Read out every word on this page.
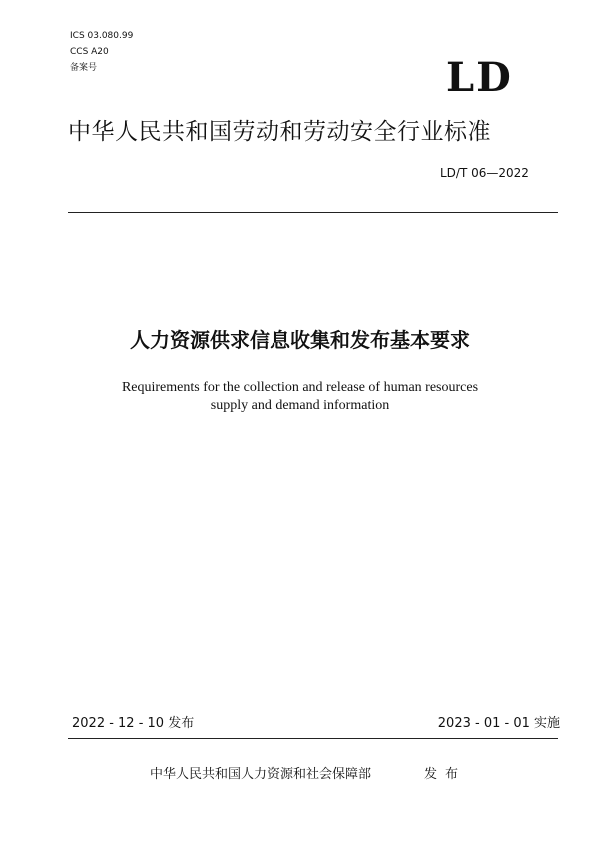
ICS 03.080.99
CCS A20
备案号	LD
中华人民共和国劳动和劳动安全行业标准
LD/T 06—2022
人力资源供求信息收集和发布基本要求
Requirements for the collection and release of human resources
supply and demand information
2022 - 12 - 10 发布	2023 - 01 - 01 实施
中华人民共和国人力资源和社会保障部	发布
